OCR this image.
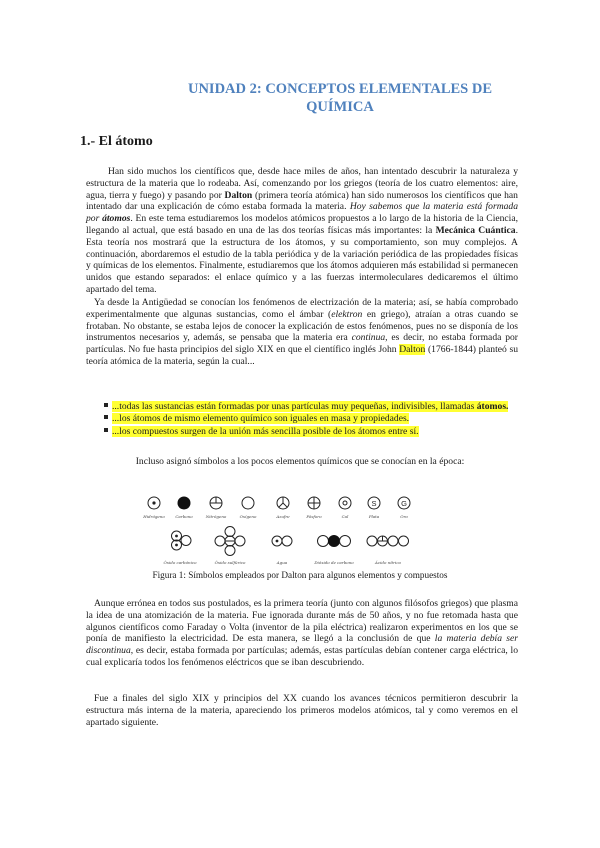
UNIDAD 2: CONCEPTOS ELEMENTALES DE
QUÍMICA
1.- El átomo
Han sido muchos los científicos que, desde hace miles de años, han intentado descubrir la naturaleza y estructura de la materia que lo rodeaba. Así, comenzando por los griegos (teoría de los cuatro elementos: aire, agua, tierra y fuego) y pasando por Dalton (primera teoría atómica) han sido numerosos los científicos que han intentado dar una explicación de cómo estaba formada la materia. Hoy sabemos que la materia está formada por átomos. En este tema estudiaremos los modelos atómicos propuestos a lo largo de la historia de la Ciencia, llegando al actual, que está basado en una de las dos teorías físicas más importantes: la Mecánica Cuántica. Esta teoría nos mostrará que la estructura de los átomos, y su comportamiento, son muy complejos. A continuación, abordaremos el estudio de la tabla periódica y de la variación periódica de las propiedades físicas y químicas de los elementos. Finalmente, estudiaremos que los átomos adquieren más estabilidad si permanecen unidos que estando separados: el enlace químico y a las fuerzas intermoleculares dedicaremos el último apartado del tema.
Ya desde la Antigüedad se conocían los fenómenos de electrización de la materia; así, se había comprobado experimentalmente que algunas sustancias, como el ámbar (elektron en griego), atraían a otras cuando se frotaban. No obstante, se estaba lejos de conocer la explicación de estos fenómenos, pues no se disponía de los instrumentos necesarios y, además, se pensaba que la materia era continua, es decir, no estaba formada por partículas. No fue hasta principios del siglo XIX en que el científico inglés John Dalton (1766-1844) planteó su teoría atómica de la materia, según la cual...
...todas las sustancias están formadas por unas partículas muy pequeñas, indivisibles, llamadas átomos.
...los átomos de mismo elemento químico son iguales en masa y propiedades.
...los compuestos surgen de la unión más sencilla posible de los átomos entre sí.
Incluso asignó símbolos a los pocos elementos químicos que se conocían en la época:
S	G
Hidrógeno	Carbono	Nitrógeno	Oxígeno	Azufre	Fósforo	Cal	Plata	Oro
Óxido carbónico	Óxido sulfúrico	Agua	Dióxido de carbono	Ácido nítrico
Figura 1: Símbolos empleados por Dalton para algunos elementos y compuestos
Aunque errónea en todos sus postulados, es la primera teoría (junto con algunos filósofos griegos) que plasma la idea de una atomización de la materia. Fue ignorada durante más de 50 años, y no fue retomada hasta que algunos científicos como Faraday o Volta (inventor de la pila eléctrica) realizaron experimentos en los que se ponía de manifiesto la electricidad. De esta manera, se llegó a la conclusión de que la materia debía ser discontinua, es decir, estaba formada por partículas; además, estas partículas debían contener carga eléctrica, lo cual explicaría todos los fenómenos eléctricos que se iban descubriendo.
Fue a finales del siglo XIX y principios del XX cuando los avances técnicos permitieron descubrir la estructura más interna de la materia, apareciendo los primeros modelos atómicos, tal y como veremos en el apartado siguiente.
